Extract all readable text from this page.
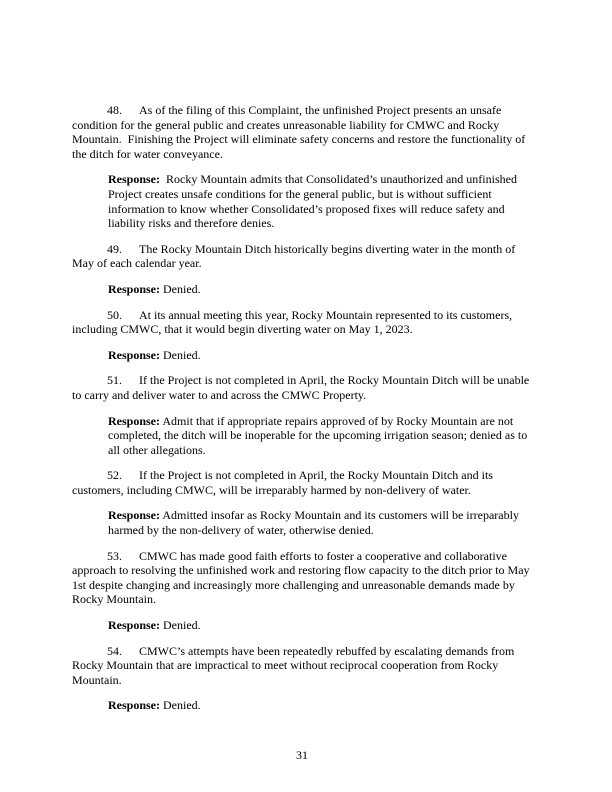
48. As of the filing of this Complaint, the unfinished Project presents an unsafe condition for the general public and creates unreasonable liability for CMWC and Rocky Mountain.  Finishing the Project will eliminate safety concerns and restore the functionality of the ditch for water conveyance.

Response:  Rocky Mountain admits that Consolidated’s unauthorized and unfinished Project creates unsafe conditions for the general public, but is without sufficient information to know whether Consolidated’s proposed fixes will reduce safety and liability risks and therefore denies.

49. The Rocky Mountain Ditch historically begins diverting water in the month of May of each calendar year.

Response: Denied.

50. At its annual meeting this year, Rocky Mountain represented to its customers, including CMWC, that it would begin diverting water on May 1, 2023.

Response: Denied.

51. If the Project is not completed in April, the Rocky Mountain Ditch will be unable to carry and deliver water to and across the CMWC Property.

Response: Admit that if appropriate repairs approved of by Rocky Mountain are not completed, the ditch will be inoperable for the upcoming irrigation season; denied as to all other allegations.

52. If the Project is not completed in April, the Rocky Mountain Ditch and its customers, including CMWC, will be irreparably harmed by non-delivery of water.

Response: Admitted insofar as Rocky Mountain and its customers will be irreparably harmed by the non-delivery of water, otherwise denied.

53. CMWC has made good faith efforts to foster a cooperative and collaborative approach to resolving the unfinished work and restoring flow capacity to the ditch prior to May 1st despite changing and increasingly more challenging and unreasonable demands made by Rocky Mountain.

Response: Denied.

54. CMWC’s attempts have been repeatedly rebuffed by escalating demands from Rocky Mountain that are impractical to meet without reciprocal cooperation from Rocky Mountain.

Response: Denied.

31
